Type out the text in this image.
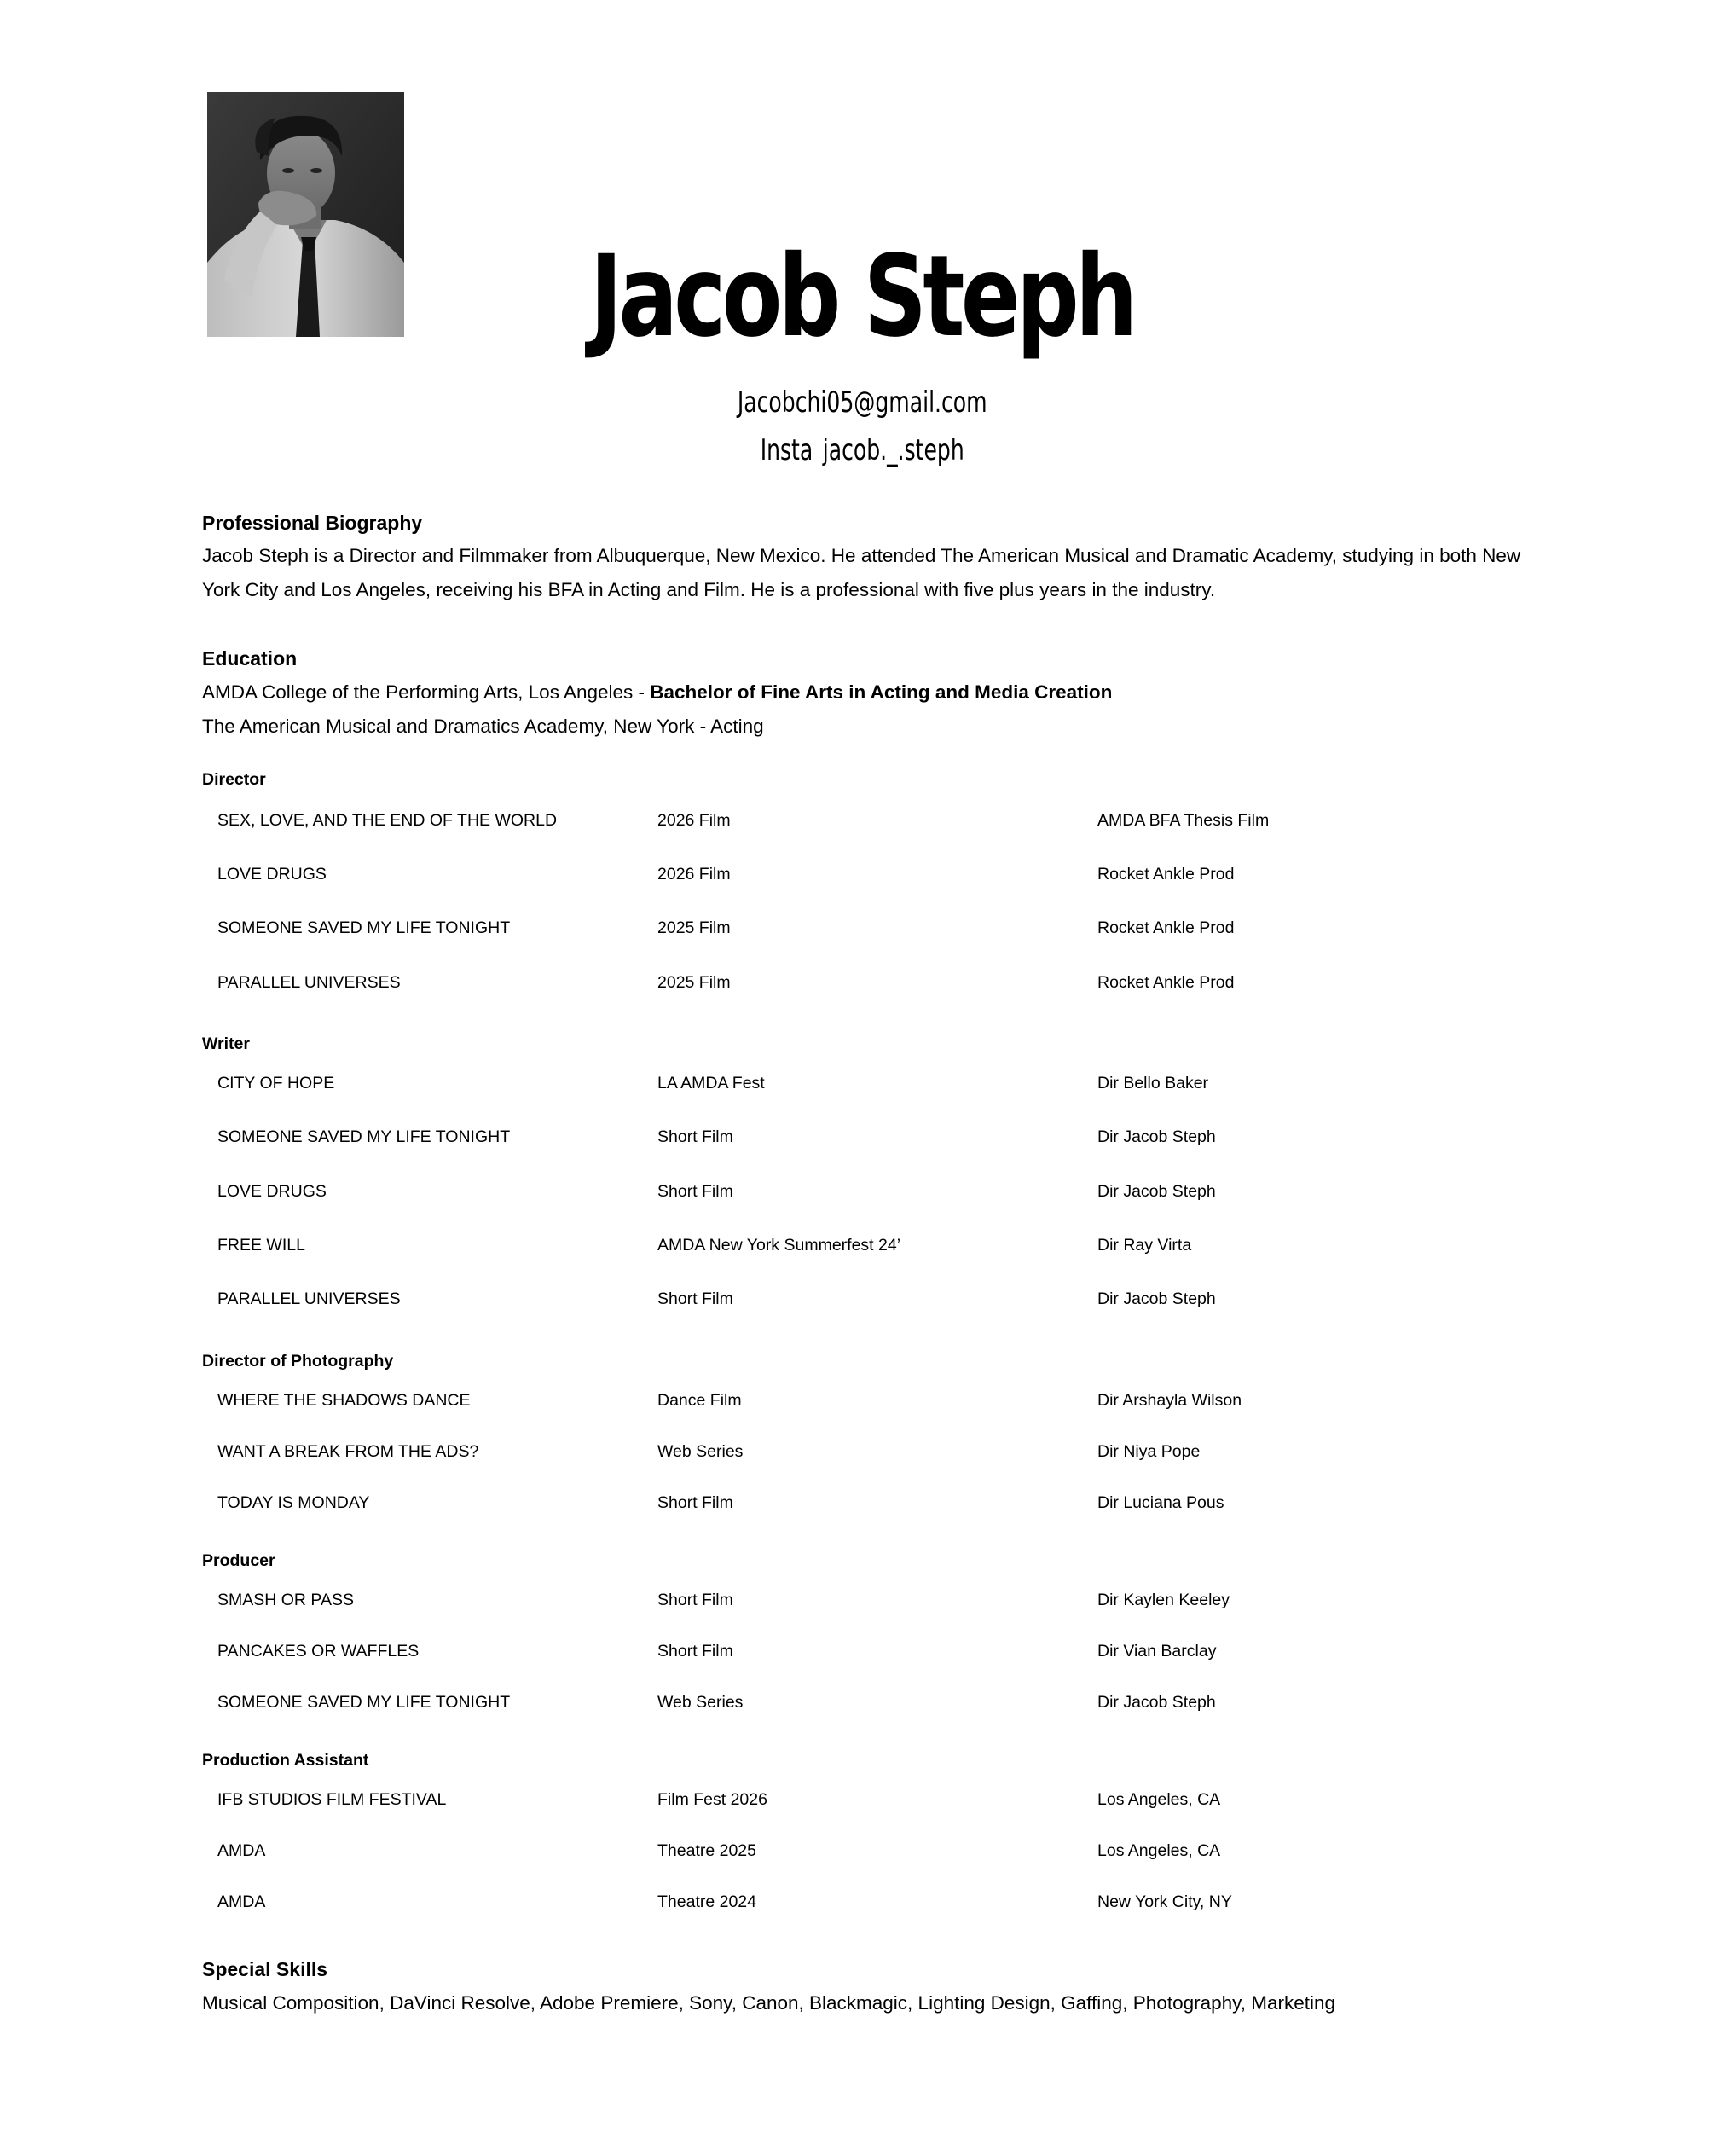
Jacob Steph
Jacobchi05@gmail.com
Insta jacob._.steph
Professional Biography
Jacob Steph is a Director and Filmmaker from Albuquerque, New Mexico. He attended The American Musical and Dramatic Academy, studying in both New York City and Los Angeles, receiving his BFA in Acting and Film. He is a professional with five plus years in the industry.
Education
AMDA College of the Performing Arts, Los Angeles - Bachelor of Fine Arts in Acting and Media Creation
The American Musical and Dramatics Academy, New York - Acting
Director
SEX, LOVE, AND THE END OF THE WORLD	2026 Film	AMDA BFA Thesis Film
LOVE DRUGS	2026 Film	Rocket Ankle Prod
SOMEONE SAVED MY LIFE TONIGHT	2025 Film	Rocket Ankle Prod
PARALLEL UNIVERSES	2025 Film	Rocket Ankle Prod
Writer
CITY OF HOPE	LA AMDA Fest	Dir Bello Baker
SOMEONE SAVED MY LIFE TONIGHT	Short Film	Dir Jacob Steph
LOVE DRUGS	Short Film	Dir Jacob Steph
FREE WILL	AMDA New York Summerfest 24’	Dir Ray Virta
PARALLEL UNIVERSES	Short Film	Dir Jacob Steph
Director of Photography
WHERE THE SHADOWS DANCE	Dance Film	Dir Arshayla Wilson
WANT A BREAK FROM THE ADS?	Web Series	Dir Niya Pope
TODAY IS MONDAY	Short Film	Dir Luciana Pous
Producer
SMASH OR PASS	Short Film	Dir Kaylen Keeley
PANCAKES OR WAFFLES	Short Film	Dir Vian Barclay
SOMEONE SAVED MY LIFE TONIGHT	Web Series	Dir Jacob Steph
Production Assistant
IFB STUDIOS FILM FESTIVAL	Film Fest 2026	Los Angeles, CA
AMDA	Theatre 2025	Los Angeles, CA
AMDA	Theatre 2024	New York City, NY
Special Skills
Musical Composition, DaVinci Resolve, Adobe Premiere, Sony, Canon, Blackmagic, Lighting Design, Gaffing, Photography, Marketing
